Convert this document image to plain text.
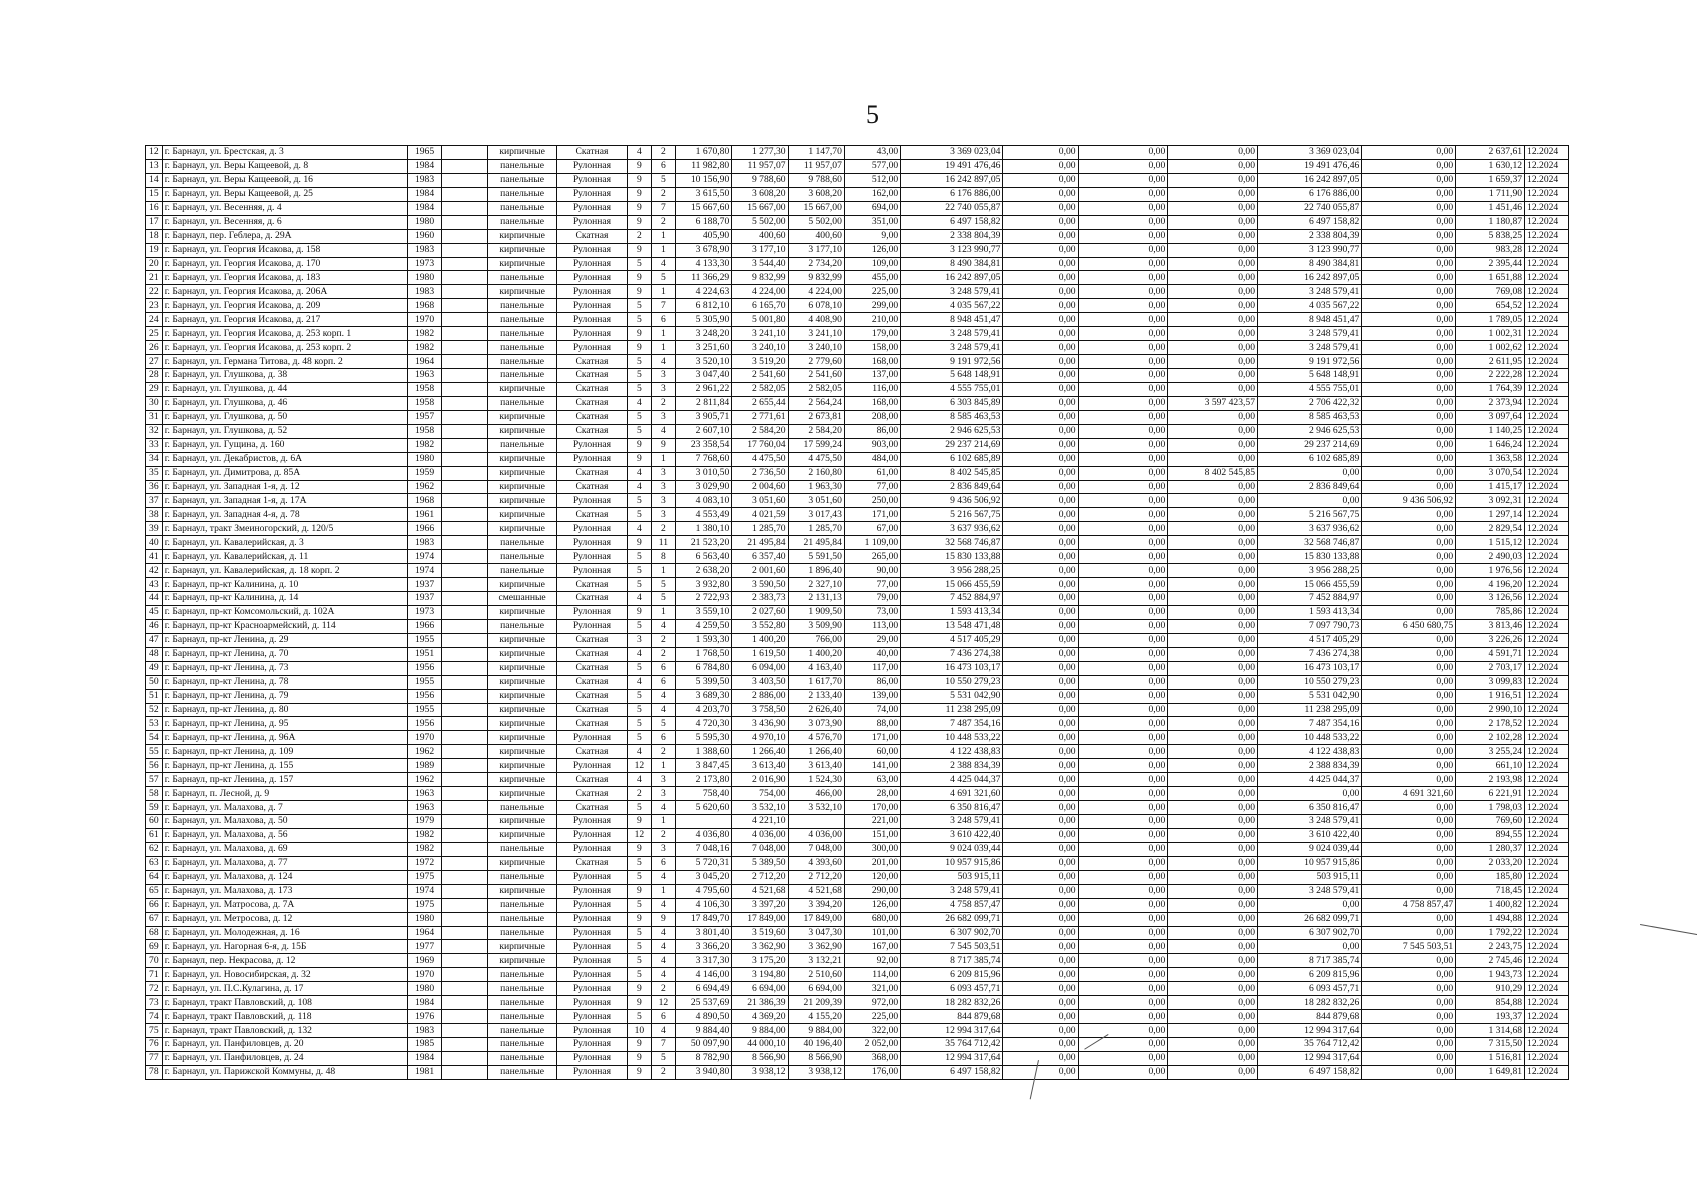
5
12	г. Барнаул, ул. Брестская, д. 3	1965		кирпичные	Скатная	4	2	1 670,80	1 277,30	1 147,70	43,00	3 369 023,04	0,00	0,00	0,00	3 369 023,04	0,00	2 637,61	12.2024
13	г. Барнаул, ул. Веры Кащеевой, д. 8	1984		панельные	Рулонная	9	6	11 982,80	11 957,07	11 957,07	577,00	19 491 476,46	0,00	0,00	0,00	19 491 476,46	0,00	1 630,12	12.2024
14	г. Барнаул, ул. Веры Кащеевой, д. 16	1983		панельные	Рулонная	9	5	10 156,90	9 788,60	9 788,60	512,00	16 242 897,05	0,00	0,00	0,00	16 242 897,05	0,00	1 659,37	12.2024
15	г. Барнаул, ул. Веры Кащеевой, д. 25	1984		панельные	Рулонная	9	2	3 615,50	3 608,20	3 608,20	162,00	6 176 886,00	0,00	0,00	0,00	6 176 886,00	0,00	1 711,90	12.2024
16	г. Барнаул, ул. Весенняя, д. 4	1984		панельные	Рулонная	9	7	15 667,60	15 667,00	15 667,00	694,00	22 740 055,87	0,00	0,00	0,00	22 740 055,87	0,00	1 451,46	12.2024
17	г. Барнаул, ул. Весенняя, д. 6	1980		панельные	Рулонная	9	2	6 188,70	5 502,00	5 502,00	351,00	6 497 158,82	0,00	0,00	0,00	6 497 158,82	0,00	1 180,87	12.2024
18	г. Барнаул, пер. Геблера, д. 29А	1960		кирпичные	Скатная	2	1	405,90	400,60	400,60	9,00	2 338 804,39	0,00	0,00	0,00	2 338 804,39	0,00	5 838,25	12.2024
19	г. Барнаул, ул. Георгия Исакова, д. 158	1983		кирпичные	Рулонная	9	1	3 678,90	3 177,10	3 177,10	126,00	3 123 990,77	0,00	0,00	0,00	3 123 990,77	0,00	983,28	12.2024
20	г. Барнаул, ул. Георгия Исакова, д. 170	1973		кирпичные	Рулонная	5	4	4 133,30	3 544,40	2 734,20	109,00	8 490 384,81	0,00	0,00	0,00	8 490 384,81	0,00	2 395,44	12.2024
21	г. Барнаул, ул. Георгия Исакова, д. 183	1980		панельные	Рулонная	9	5	11 366,29	9 832,99	9 832,99	455,00	16 242 897,05	0,00	0,00	0,00	16 242 897,05	0,00	1 651,88	12.2024
22	г. Барнаул, ул. Георгия Исакова, д. 206А	1983		кирпичные	Рулонная	9	1	4 224,63	4 224,00	4 224,00	225,00	3 248 579,41	0,00	0,00	0,00	3 248 579,41	0,00	769,08	12.2024
23	г. Барнаул, ул. Георгия Исакова, д. 209	1968		панельные	Рулонная	5	7	6 812,10	6 165,70	6 078,10	299,00	4 035 567,22	0,00	0,00	0,00	4 035 567,22	0,00	654,52	12.2024
24	г. Барнаул, ул. Георгия Исакова, д. 217	1970		панельные	Рулонная	5	6	5 305,90	5 001,80	4 408,90	210,00	8 948 451,47	0,00	0,00	0,00	8 948 451,47	0,00	1 789,05	12.2024
25	г. Барнаул, ул. Георгия Исакова, д. 253 корп. 1	1982		панельные	Рулонная	9	1	3 248,20	3 241,10	3 241,10	179,00	3 248 579,41	0,00	0,00	0,00	3 248 579,41	0,00	1 002,31	12.2024
26	г. Барнаул, ул. Георгия Исакова, д. 253 корп. 2	1982		панельные	Рулонная	9	1	3 251,60	3 240,10	3 240,10	158,00	3 248 579,41	0,00	0,00	0,00	3 248 579,41	0,00	1 002,62	12.2024
27	г. Барнаул, ул. Германа Титова, д. 48 корп. 2	1964		панельные	Скатная	5	4	3 520,10	3 519,20	2 779,60	168,00	9 191 972,56	0,00	0,00	0,00	9 191 972,56	0,00	2 611,95	12.2024
28	г. Барнаул, ул. Глушкова, д. 38	1963		панельные	Скатная	5	3	3 047,40	2 541,60	2 541,60	137,00	5 648 148,91	0,00	0,00	0,00	5 648 148,91	0,00	2 222,28	12.2024
29	г. Барнаул, ул. Глушкова, д. 44	1958		кирпичные	Скатная	5	3	2 961,22	2 582,05	2 582,05	116,00	4 555 755,01	0,00	0,00	0,00	4 555 755,01	0,00	1 764,39	12.2024
30	г. Барнаул, ул. Глушкова, д. 46	1958		панельные	Скатная	4	2	2 811,84	2 655,44	2 564,24	168,00	6 303 845,89	0,00	0,00	3 597 423,57	2 706 422,32	0,00	2 373,94	12.2024
31	г. Барнаул, ул. Глушкова, д. 50	1957		кирпичные	Скатная	5	3	3 905,71	2 771,61	2 673,81	208,00	8 585 463,53	0,00	0,00	0,00	8 585 463,53	0,00	3 097,64	12.2024
32	г. Барнаул, ул. Глушкова, д. 52	1958		кирпичные	Скатная	5	4	2 607,10	2 584,20	2 584,20	86,00	2 946 625,53	0,00	0,00	0,00	2 946 625,53	0,00	1 140,25	12.2024
33	г. Барнаул, ул. Гущина, д. 160	1982		панельные	Рулонная	9	9	23 358,54	17 760,04	17 599,24	903,00	29 237 214,69	0,00	0,00	0,00	29 237 214,69	0,00	1 646,24	12.2024
34	г. Барнаул, ул. Декабристов, д. 6А	1980		кирпичные	Рулонная	9	1	7 768,60	4 475,50	4 475,50	484,00	6 102 685,89	0,00	0,00	0,00	6 102 685,89	0,00	1 363,58	12.2024
35	г. Барнаул, ул. Димитрова, д. 85А	1959		кирпичные	Скатная	4	3	3 010,50	2 736,50	2 160,80	61,00	8 402 545,85	0,00	0,00	8 402 545,85	0,00	0,00	3 070,54	12.2024
36	г. Барнаул, ул. Западная 1-я, д. 12	1962		кирпичные	Скатная	4	3	3 029,90	2 004,60	1 963,30	77,00	2 836 849,64	0,00	0,00	0,00	2 836 849,64	0,00	1 415,17	12.2024
37	г. Барнаул, ул. Западная 1-я, д. 17А	1968		кирпичные	Рулонная	5	3	4 083,10	3 051,60	3 051,60	250,00	9 436 506,92	0,00	0,00	0,00	0,00	9 436 506,92	3 092,31	12.2024
38	г. Барнаул, ул. Западная 4-я, д. 78	1961		кирпичные	Скатная	5	3	4 553,49	4 021,59	3 017,43	171,00	5 216 567,75	0,00	0,00	0,00	5 216 567,75	0,00	1 297,14	12.2024
39	г. Барнаул, тракт Змеиногорский, д. 120/5	1966		кирпичные	Рулонная	4	2	1 380,10	1 285,70	1 285,70	67,00	3 637 936,62	0,00	0,00	0,00	3 637 936,62	0,00	2 829,54	12.2024
40	г. Барнаул, ул. Кавалерийская, д. 3	1983		панельные	Рулонная	9	11	21 523,20	21 495,84	21 495,84	1 109,00	32 568 746,87	0,00	0,00	0,00	32 568 746,87	0,00	1 515,12	12.2024
41	г. Барнаул, ул. Кавалерийская, д. 11	1974		панельные	Рулонная	5	8	6 563,40	6 357,40	5 591,50	265,00	15 830 133,88	0,00	0,00	0,00	15 830 133,88	0,00	2 490,03	12.2024
42	г. Барнаул, ул. Кавалерийская, д. 18 корп. 2	1974		панельные	Рулонная	5	1	2 638,20	2 001,60	1 896,40	90,00	3 956 288,25	0,00	0,00	0,00	3 956 288,25	0,00	1 976,56	12.2024
43	г. Барнаул, пр-кт Калинина, д. 10	1937		кирпичные	Скатная	5	5	3 932,80	3 590,50	2 327,10	77,00	15 066 455,59	0,00	0,00	0,00	15 066 455,59	0,00	4 196,20	12.2024
44	г. Барнаул, пр-кт Калинина, д. 14	1937		смешанные	Скатная	4	5	2 722,93	2 383,73	2 131,13	79,00	7 452 884,97	0,00	0,00	0,00	7 452 884,97	0,00	3 126,56	12.2024
45	г. Барнаул, пр-кт Комсомольский, д. 102А	1973		кирпичные	Рулонная	9	1	3 559,10	2 027,60	1 909,50	73,00	1 593 413,34	0,00	0,00	0,00	1 593 413,34	0,00	785,86	12.2024
46	г. Барнаул, пр-кт Красноармейский, д. 114	1966		панельные	Рулонная	5	4	4 259,50	3 552,80	3 509,90	113,00	13 548 471,48	0,00	0,00	0,00	7 097 790,73	6 450 680,75	3 813,46	12.2024
47	г. Барнаул, пр-кт Ленина, д. 29	1955		кирпичные	Скатная	3	2	1 593,30	1 400,20	766,00	29,00	4 517 405,29	0,00	0,00	0,00	4 517 405,29	0,00	3 226,26	12.2024
48	г. Барнаул, пр-кт Ленина, д. 70	1951		кирпичные	Скатная	4	2	1 768,50	1 619,50	1 400,20	40,00	7 436 274,38	0,00	0,00	0,00	7 436 274,38	0,00	4 591,71	12.2024
49	г. Барнаул, пр-кт Ленина, д. 73	1956		кирпичные	Скатная	5	6	6 784,80	6 094,00	4 163,40	117,00	16 473 103,17	0,00	0,00	0,00	16 473 103,17	0,00	2 703,17	12.2024
50	г. Барнаул, пр-кт Ленина, д. 78	1955		кирпичные	Скатная	4	6	5 399,50	3 403,50	1 617,70	86,00	10 550 279,23	0,00	0,00	0,00	10 550 279,23	0,00	3 099,83	12.2024
51	г. Барнаул, пр-кт Ленина, д. 79	1956		кирпичные	Скатная	5	4	3 689,30	2 886,00	2 133,40	139,00	5 531 042,90	0,00	0,00	0,00	5 531 042,90	0,00	1 916,51	12.2024
52	г. Барнаул, пр-кт Ленина, д. 80	1955		кирпичные	Скатная	5	4	4 203,70	3 758,50	2 626,40	74,00	11 238 295,09	0,00	0,00	0,00	11 238 295,09	0,00	2 990,10	12.2024
53	г. Барнаул, пр-кт Ленина, д. 95	1956		кирпичные	Скатная	5	5	4 720,30	3 436,90	3 073,90	88,00	7 487 354,16	0,00	0,00	0,00	7 487 354,16	0,00	2 178,52	12.2024
54	г. Барнаул, пр-кт Ленина, д. 96А	1970		кирпичные	Рулонная	5	6	5 595,30	4 970,10	4 576,70	171,00	10 448 533,22	0,00	0,00	0,00	10 448 533,22	0,00	2 102,28	12.2024
55	г. Барнаул, пр-кт Ленина, д. 109	1962		кирпичные	Скатная	4	2	1 388,60	1 266,40	1 266,40	60,00	4 122 438,83	0,00	0,00	0,00	4 122 438,83	0,00	3 255,24	12.2024
56	г. Барнаул, пр-кт Ленина, д. 155	1989		кирпичные	Рулонная	12	1	3 847,45	3 613,40	3 613,40	141,00	2 388 834,39	0,00	0,00	0,00	2 388 834,39	0,00	661,10	12.2024
57	г. Барнаул, пр-кт Ленина, д. 157	1962		кирпичные	Скатная	4	3	2 173,80	2 016,90	1 524,30	63,00	4 425 044,37	0,00	0,00	0,00	4 425 044,37	0,00	2 193,98	12.2024
58	г. Барнаул, п. Лесной, д. 9	1963		кирпичные	Скатная	2	3	758,40	754,00	466,00	28,00	4 691 321,60	0,00	0,00	0,00	0,00	4 691 321,60	6 221,91	12.2024
59	г. Барнаул, ул. Малахова, д. 7	1963		панельные	Скатная	5	4	5 620,60	3 532,10	3 532,10	170,00	6 350 816,47	0,00	0,00	0,00	6 350 816,47	0,00	1 798,03	12.2024
60	г. Барнаул, ул. Малахова, д. 50	1979		кирпичные	Рулонная	9	1		4 221,10		221,00	3 248 579,41	0,00	0,00	0,00	3 248 579,41	0,00	769,60	12.2024
61	г. Барнаул, ул. Малахова, д. 56	1982		кирпичные	Рулонная	12	2	4 036,80	4 036,00	4 036,00	151,00	3 610 422,40	0,00	0,00	0,00	3 610 422,40	0,00	894,55	12.2024
62	г. Барнаул, ул. Малахова, д. 69	1982		панельные	Рулонная	9	3	7 048,16	7 048,00	7 048,00	300,00	9 024 039,44	0,00	0,00	0,00	9 024 039,44	0,00	1 280,37	12.2024
63	г. Барнаул, ул. Малахова, д. 77	1972		кирпичные	Скатная	5	6	5 720,31	5 389,50	4 393,60	201,00	10 957 915,86	0,00	0,00	0,00	10 957 915,86	0,00	2 033,20	12.2024
64	г. Барнаул, ул. Малахова, д. 124	1975		панельные	Рулонная	5	4	3 045,20	2 712,20	2 712,20	120,00	503 915,11	0,00	0,00	0,00	503 915,11	0,00	185,80	12.2024
65	г. Барнаул, ул. Малахова, д. 173	1974		кирпичные	Рулонная	9	1	4 795,60	4 521,68	4 521,68	290,00	3 248 579,41	0,00	0,00	0,00	3 248 579,41	0,00	718,45	12.2024
66	г. Барнаул, ул. Матросова, д. 7А	1975		панельные	Рулонная	5	4	4 106,30	3 397,20	3 394,20	126,00	4 758 857,47	0,00	0,00	0,00	0,00	4 758 857,47	1 400,82	12.2024
67	г. Барнаул, ул. Метросова, д. 12	1980		панельные	Рулонная	9	9	17 849,70	17 849,00	17 849,00	680,00	26 682 099,71	0,00	0,00	0,00	26 682 099,71	0,00	1 494,88	12.2024
68	г. Барнаул, ул. Молодежная, д. 16	1964		панельные	Рулонная	5	4	3 801,40	3 519,60	3 047,30	101,00	6 307 902,70	0,00	0,00	0,00	6 307 902,70	0,00	1 792,22	12.2024
69	г. Барнаул, ул. Нагорная 6-я, д. 15Б	1977		кирпичные	Рулонная	5	4	3 366,20	3 362,90	3 362,90	167,00	7 545 503,51	0,00	0,00	0,00	0,00	7 545 503,51	2 243,75	12.2024
70	г. Барнаул, пер. Некрасова, д. 12	1969		кирпичные	Рулонная	5	4	3 317,30	3 175,20	3 132,21	92,00	8 717 385,74	0,00	0,00	0,00	8 717 385,74	0,00	2 745,46	12.2024
71	г. Барнаул, ул. Новосибирская, д. 32	1970		панельные	Рулонная	5	4	4 146,00	3 194,80	2 510,60	114,00	6 209 815,96	0,00	0,00	0,00	6 209 815,96	0,00	1 943,73	12.2024
72	г. Барнаул, ул. П.С.Кулагина, д. 17	1980		панельные	Рулонная	9	2	6 694,49	6 694,00	6 694,00	321,00	6 093 457,71	0,00	0,00	0,00	6 093 457,71	0,00	910,29	12.2024
73	г. Барнаул, тракт Павловский, д. 108	1984		панельные	Рулонная	9	12	25 537,69	21 386,39	21 209,39	972,00	18 282 832,26	0,00	0,00	0,00	18 282 832,26	0,00	854,88	12.2024
74	г. Барнаул, тракт Павловский, д. 118	1976		панельные	Рулонная	5	6	4 890,50	4 369,20	4 155,20	225,00	844 879,68	0,00	0,00	0,00	844 879,68	0,00	193,37	12.2024
75	г. Барнаул, тракт Павловский, д. 132	1983		панельные	Рулонная	10	4	9 884,40	9 884,00	9 884,00	322,00	12 994 317,64	0,00	0,00	0,00	12 994 317,64	0,00	1 314,68	12.2024
76	г. Барнаул, ул. Панфиловцев, д. 20	1985		панельные	Рулонная	9	7	50 097,90	44 000,10	40 196,40	2 052,00	35 764 712,42	0,00	0,00	0,00	35 764 712,42	0,00	7 315,50	12.2024
77	г. Барнаул, ул. Панфиловцев, д. 24	1984		панельные	Рулонная	9	5	8 782,90	8 566,90	8 566,90	368,00	12 994 317,64	0,00	0,00	0,00	12 994 317,64	0,00	1 516,81	12.2024
78	г. Барнаул, ул. Парижской Коммуны, д. 48	1981		панельные	Рулонная	9	2	3 940,80	3 938,12	3 938,12	176,00	6 497 158,82	0,00	0,00	0,00	6 497 158,82	0,00	1 649,81	12.2024
